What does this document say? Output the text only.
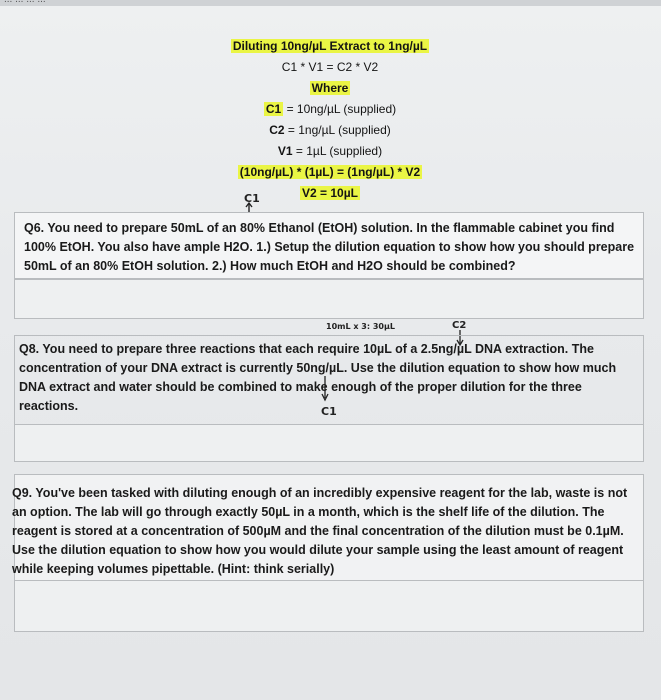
Diluting 10ng/µL Extract to 1ng/µL
C1 * V1 = C2 * V2
Where
C1 = 10ng/µL (supplied)
C2 = 1ng/µL (supplied)
V1 = 1µL (supplied)
(10ng/µL) * (1µL) = (1ng/µL) * V2
V2 = 10µL
C1
Q6. You need to prepare 50mL of an 80% Ethanol (EtOH) solution. In the flammable cabinet you find 100% EtOH. You also have ample H2O. 1.) Setup the dilution equation to show how you should prepare 50mL of an 80% EtOH solution. 2.) How much EtOH and H2O should be combined?
10mL x 3: 30µL	C2
Q8. You need to prepare three reactions that each require 10µL of a 2.5ng/µL DNA extraction. The concentration of your DNA extract is currently 50ng/µL. Use the dilution equation to show how much DNA extract and water should be combined to make enough of the proper dilution for the three reactions.	C1
Q9. You've been tasked with diluting enough of an incredibly expensive reagent for the lab, waste is not an option. The lab will go through exactly 50µL in a month, which is the shelf life of the dilution. The reagent is stored at a concentration of 500µM and the final concentration of the dilution must be 0.1µM. Use the dilution equation to show how you would dilute your sample using the least amount of reagent while keeping volumes pipettable. (Hint: think serially)
